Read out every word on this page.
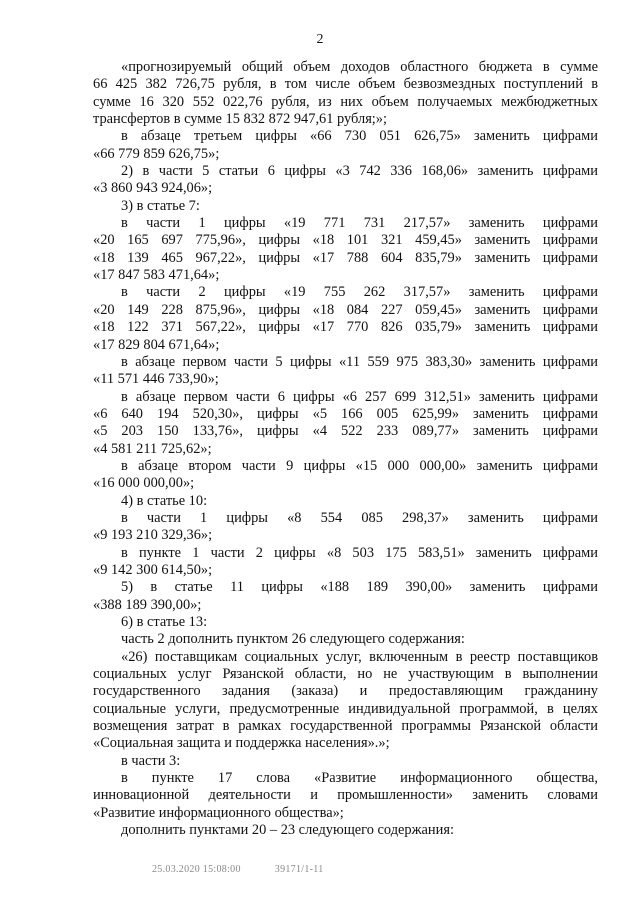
2
«прогнозируемый общий объем доходов областного бюджета в сумме
66 425 382 726,75 рубля, в том числе объем безвозмездных поступлений в
сумме 16 320 552 022,76 рубля, из них объем получаемых межбюджетных
трансфертов в сумме 15 832 872 947,61 рубля;»;
в абзаце третьем цифры «66 730 051 626,75» заменить цифрами
«66 779 859 626,75»;
2) в части 5 статьи 6 цифры «3 742 336 168,06» заменить цифрами
«3 860 943 924,06»;
3) в статье 7:
в части 1 цифры «19 771 731 217,57» заменить цифрами
«20 165 697 775,96», цифры «18 101 321 459,45» заменить цифрами
«18 139 465 967,22», цифры «17 788 604 835,79» заменить цифрами
«17 847 583 471,64»;
в части 2 цифры «19 755 262 317,57» заменить цифрами
«20 149 228 875,96», цифры «18 084 227 059,45» заменить цифрами
«18 122 371 567,22», цифры «17 770 826 035,79» заменить цифрами
«17 829 804 671,64»;
в абзаце первом части 5 цифры «11 559 975 383,30» заменить цифрами
«11 571 446 733,90»;
в абзаце первом части 6 цифры «6 257 699 312,51» заменить цифрами
«6 640 194 520,30», цифры «5 166 005 625,99» заменить цифрами
«5 203 150 133,76», цифры «4 522 233 089,77» заменить цифрами
«4 581 211 725,62»;
в абзаце втором части 9 цифры «15 000 000,00» заменить цифрами
«16 000 000,00»;
4) в статье 10:
в части 1 цифры «8 554 085 298,37» заменить цифрами
«9 193 210 329,36»;
в пункте 1 части 2 цифры «8 503 175 583,51» заменить цифрами
«9 142 300 614,50»;
5) в статье 11 цифры «188 189 390,00» заменить цифрами
«388 189 390,00»;
6) в статье 13:
часть 2 дополнить пунктом 26 следующего содержания:
«26) поставщикам социальных услуг, включенным в реестр поставщиков
социальных услуг Рязанской области, но не участвующим в выполнении
государственного задания (заказа) и предоставляющим гражданину
социальные услуги, предусмотренные индивидуальной программой, в целях
возмещения затрат в рамках государственной программы Рязанской области
«Социальная защита и поддержка населения».»;
в части 3:
в пункте 17 слова «Развитие информационного общества,
инновационной деятельности и промышленности» заменить словами
«Развитие информационного общества»;
дополнить пунктами 20 – 23 следующего содержания:
25.03.2020 15:08:00	39171/1-11
